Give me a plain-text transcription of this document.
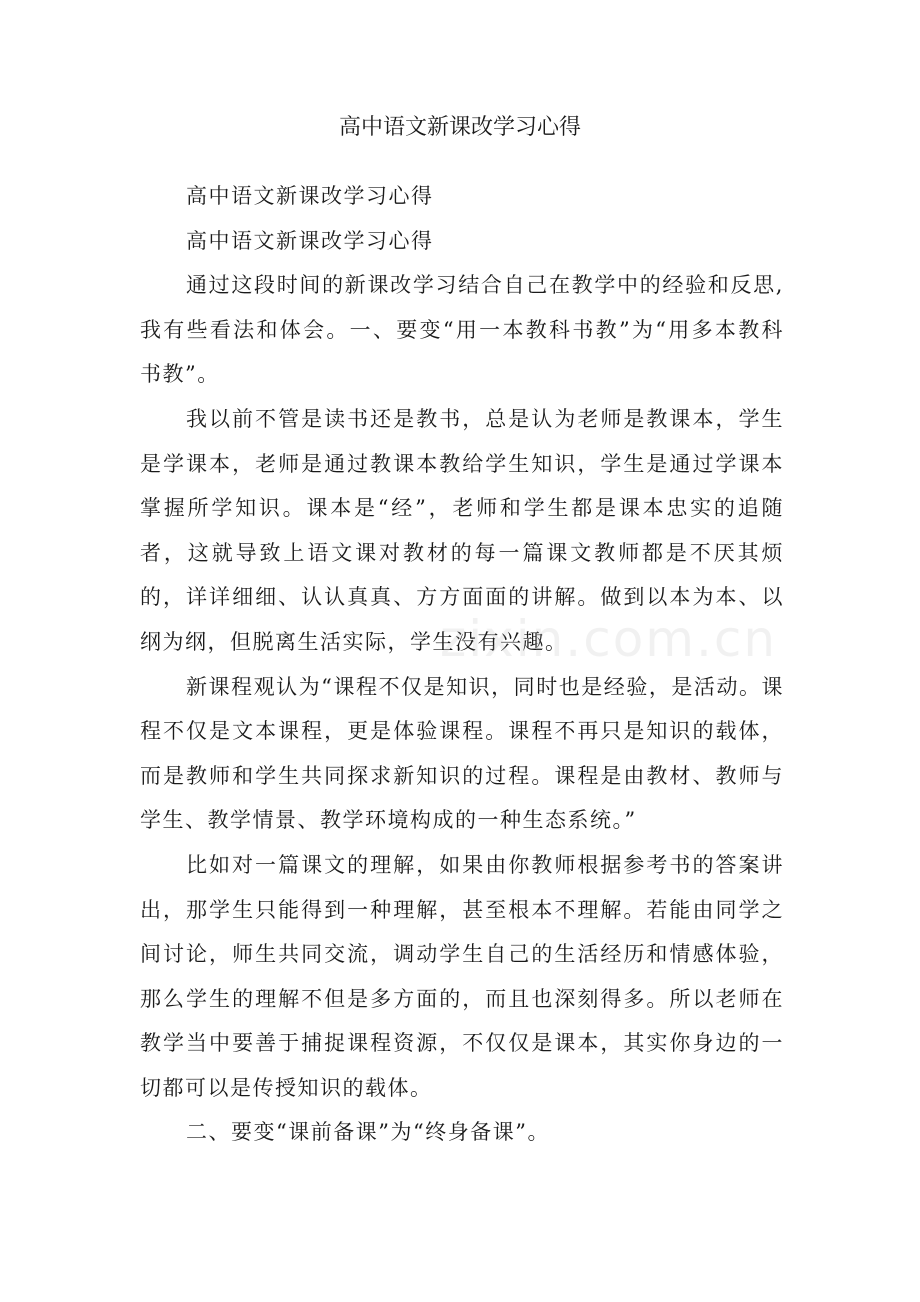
高中语文新课改学习心得

高中语文新课改学习心得

高中语文新课改学习心得

通过这段时间的新课改学习结合自己在教学中的经验和反思,我有些看法和体会。一、要变“用一本教科书教”为“用多本教科书教”。

我以前不管是读书还是教书，总是认为老师是教课本，学生是学课本，老师是通过教课本教给学生知识，学生是通过学课本掌握所学知识。课本是“经”，老师和学生都是课本忠实的追随者，这就导致上语文课对教材的每一篇课文教师都是不厌其烦的，详详细细、认认真真、方方面面的讲解。做到以本为本、以纲为纲，但脱离生活实际，学生没有兴趣。

新课程观认为“课程不仅是知识，同时也是经验，是活动。课程不仅是文本课程，更是体验课程。课程不再只是知识的载体，而是教师和学生共同探求新知识的过程。课程是由教材、教师与学生、教学情景、教学环境构成的一种生态系统。”

比如对一篇课文的理解，如果由你教师根据参考书的答案讲出，那学生只能得到一种理解，甚至根本不理解。若能由同学之间讨论，师生共同交流，调动学生自己的生活经历和情感体验，那么学生的理解不但是多方面的，而且也深刻得多。所以老师在教学当中要善于捕捉课程资源，不仅仅是课本，其实你身边的一切都可以是传授知识的载体。

二、要变“课前备课”为“终身备课”。

zixin.com.cn
